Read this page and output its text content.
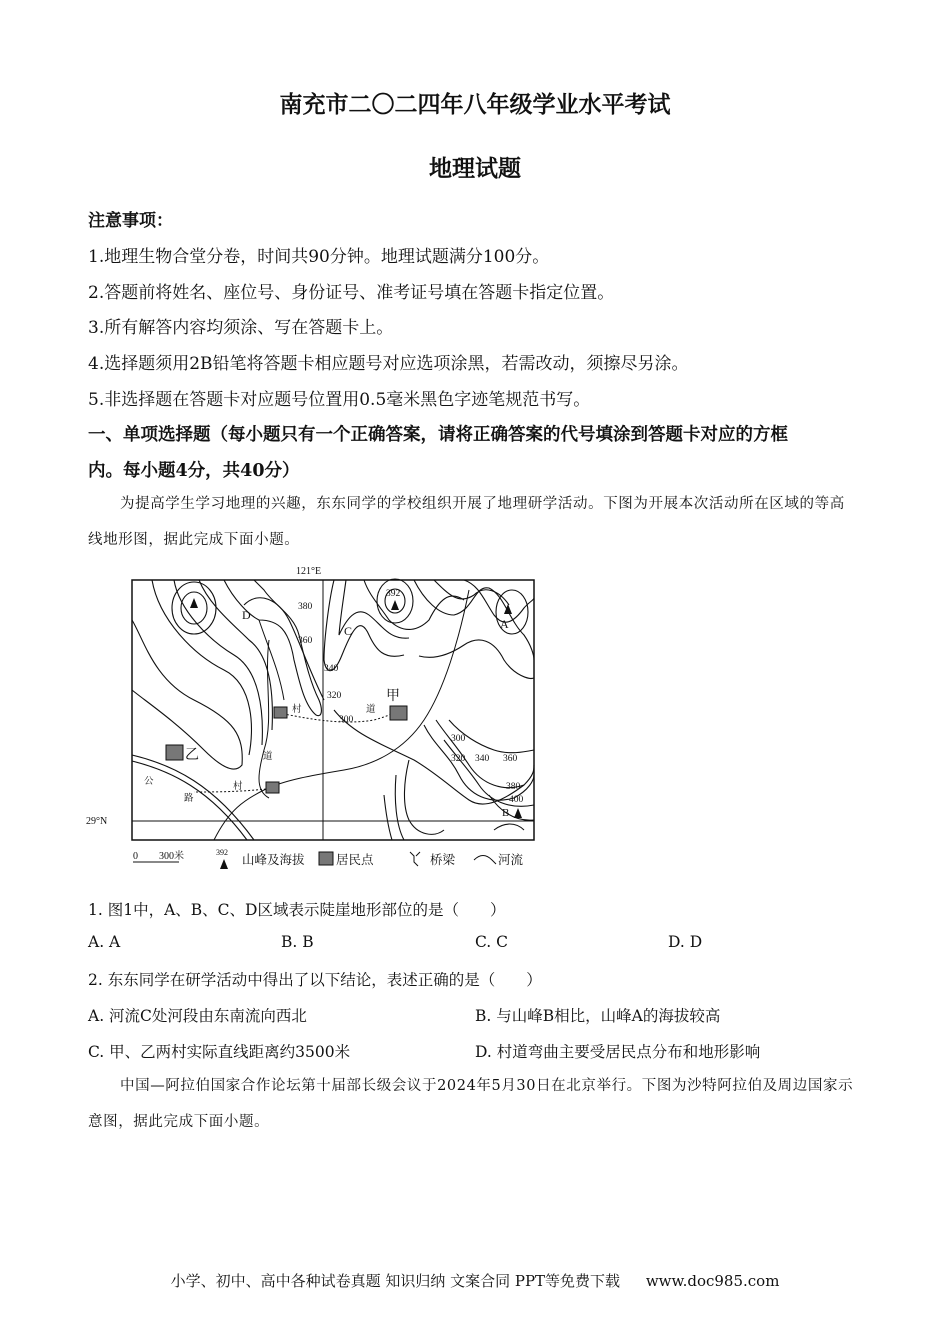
南充市二〇二四年八年级学业水平考试
地理试题
注意事项：
1.地理生物合堂分卷，时间共90分钟。地理试题满分100分。
2.答题前将姓名、座位号、身份证号、准考证号填在答题卡指定位置。
3.所有解答内容均须涂、写在答题卡上。
4.选择题须用2B铅笔将答题卡相应题号对应选项涂黑，若需改动，须擦尽另涂。
5.非选择题在答题卡对应题号位置用0.5毫米黑色字迹笔规范书写。
一、单项选择题（每小题只有一个正确答案，请将正确答案的代号填涂到答题卡对应的方框
内。每小题4分，共40分）
为提高学生学习地理的兴趣，东东同学的学校组织开展了地理研学活动。下图为开展本次活动所在区域的等高线地形图，据此完成下面小题。
121°E
29°N
380
360
340
320
300
300
320 340 360
380
400
392
A
B
C
D
甲
乙
村	道
道
村
公
路
0 300米	392
山峰及海拔	居民点	桥梁	河流
1. 图1中，A、B、C、D区域表示陡崖地形部位的是（　　）
A. A	B. B	C. C	D. D
2. 东东同学在研学活动中得出了以下结论，表述正确的是（　　）
A. 河流C处河段由东南流向西北	B. 与山峰B相比，山峰A的海拔较高
C. 甲、乙两村实际直线距离约3500米	D. 村道弯曲主要受居民点分布和地形影响
中国—阿拉伯国家合作论坛第十届部长级会议于2024年5月30日在北京举行。下图为沙特阿拉伯及周边国家示意图，据此完成下面小题。
小学、初中、高中各种试卷真题 知识归纳 文案合同 PPT等免费下载 www.doc985.com
